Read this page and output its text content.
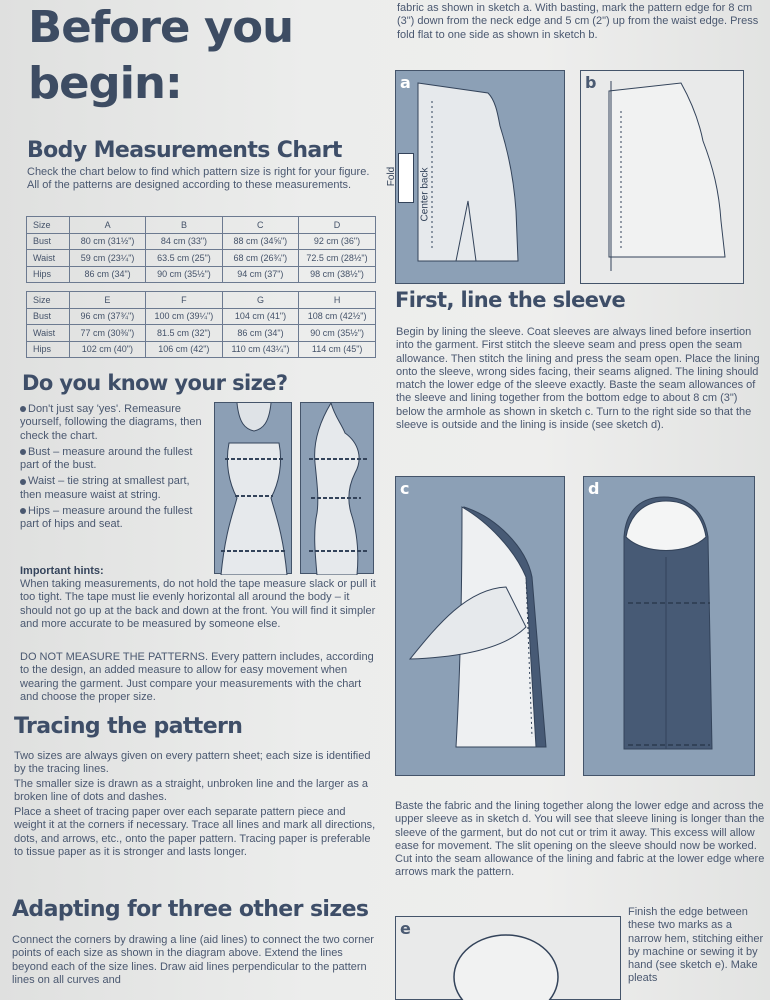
Before you
begin:
Body Measurements Chart
Check the chart below to find which pattern size is right for your figure. All of the patterns are designed according to these measurements.
Size	A	B	C	D
Bust	80 cm (31½")	84 cm (33")	88 cm (34⅝")	92 cm (36")
Waist	59 cm (23¼")	63.5 cm (25")	68 cm (26¾")	72.5 cm (28½")
Hips	86 cm (34")	90 cm (35½")	94 cm (37")	98 cm (38½")
Size	E	F	G	H
Bust	96 cm (37¾")	100 cm (39¼")	104 cm (41")	108 cm (42½")
Waist	77 cm (30⅜")	81.5 cm (32")	86 cm (34")	90 cm (35½")
Hips	102 cm (40")	106 cm (42")	110 cm (43¼")	114 cm (45")
Do you know your size?
Don't just say 'yes'. Remeasure yourself, following the diagrams, then check the chart.
Bust – measure around the fullest part of the bust.
Waist – tie string at smallest part, then measure waist at string.
Hips – measure around the fullest part of hips and seat.
Important hints:
When taking measurements, do not hold the tape measure slack or pull it too tight. The tape must lie evenly horizontal all around the body – it should not go up at the back and down at the front. You will find it simpler and more accurate to be measured by someone else.
DO NOT MEASURE THE PATTERNS. Every pattern includes, according to the design, an added measure to allow for easy movement when wearing the garment. Just compare your measurements with the chart and choose the proper size.
Tracing the pattern
Two sizes are always given on every pattern sheet; each size is identified by the tracing lines.
The smaller size is drawn as a straight, unbroken line and the larger as a broken line of dots and dashes.
Place a sheet of tracing paper over each separate pattern piece and weight it at the corners if necessary. Trace all lines and mark all directions, dots, and arrows, etc., onto the paper pattern. Tracing paper is preferable to tissue paper as it is stronger and lasts longer.
Adapting for three other sizes
Connect the corners by drawing a line (aid lines) to connect the two corner points of each size as shown in the diagram above. Extend the lines beyond each of the size lines. Draw aid lines perpendicular to the pattern lines on all curves and
fabric as shown in sketch a. With basting, mark the pattern edge for 8 cm (3") down from the neck edge and 5 cm (2") up from the waist edge. Press fold flat to one side as shown in sketch b.
a
Fold Center back
b
First, line the sleeve
Begin by lining the sleeve. Coat sleeves are always lined before insertion into the garment. First stitch the sleeve seam and press open the seam allowance. Then stitch the lining and press the seam open. Place the lining onto the sleeve, wrong sides facing, their seams aligned. The lining should match the lower edge of the sleeve exactly. Baste the seam allowances of the sleeve and lining together from the bottom edge to about 8 cm (3") below the armhole as shown in sketch c. Turn to the right side so that the sleeve is outside and the lining is inside (see sketch d).
c	d
Baste the fabric and the lining together along the lower edge and across the upper sleeve as in sketch d. You will see that sleeve lining is longer than the sleeve of the garment, but do not cut or trim it away. This excess will allow ease for movement. The slit opening on the sleeve should now be worked. Cut into the seam allowance of the lining and fabric at the lower edge where arrows mark the pattern.
e
Finish the edge between these two marks as a narrow hem, stitching either by machine or sewing it by hand (see sketch e). Make pleats
